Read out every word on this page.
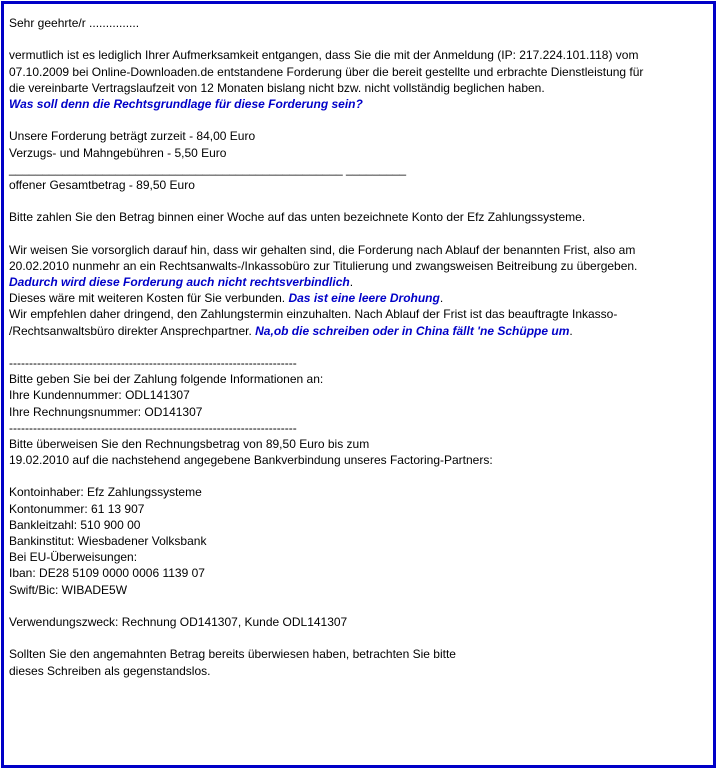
Sehr geehrte/r ...............
vermutlich ist es lediglich Ihrer Aufmerksamkeit entgangen, dass Sie die mit der Anmeldung (IP: 217.224.101.118) vom
07.10.2009 bei Online-Downloaden.de entstandene Forderung über die bereit gestellte und erbrachte Dienstleistung für
die vereinbarte Vertragslaufzeit von 12 Monaten bislang nicht bzw. nicht vollständig beglichen haben.
Was soll denn die Rechtsgrundlage für diese Forderung sein?
Unsere Forderung beträgt zurzeit - 84,00 Euro
Verzugs- und Mahngebühren - 5,50 Euro
__________________________________________________ _________
offener Gesamtbetrag - 89,50 Euro
Bitte zahlen Sie den Betrag binnen einer Woche auf das unten bezeichnete Konto der Efz Zahlungssysteme.
Wir weisen Sie vorsorglich darauf hin, dass wir gehalten sind, die Forderung nach Ablauf der benannten Frist, also am
20.02.2010 nunmehr an ein Rechtsanwalts-/Inkassobüro zur Titulierung und zwangsweisen Beitreibung zu übergeben.
Dadurch wird diese Forderung auch nicht rechtsverbindlich.
Dieses wäre mit weiteren Kosten für Sie verbunden. Das ist eine leere Drohung.
Wir empfehlen daher dringend, den Zahlungstermin einzuhalten. Nach Ablauf der Frist ist das beauftragte Inkasso-
/Rechtsanwaltsbüro direkter Ansprechpartner. Na,ob die schreiben oder in China fällt 'ne Schüppe um.
------------------------------------------------------------------------
Bitte geben Sie bei der Zahlung folgende Informationen an:
Ihre Kundennummer: ODL141307
Ihre Rechnungsnummer: OD141307
------------------------------------------------------------------------
Bitte überweisen Sie den Rechnungsbetrag von 89,50 Euro bis zum
19.02.2010 auf die nachstehend angegebene Bankverbindung unseres Factoring-Partners:
Kontoinhaber: Efz Zahlungssysteme
Kontonummer: 61 13 907
Bankleitzahl: 510 900 00
Bankinstitut: Wiesbadener Volksbank
Bei EU-Überweisungen:
Iban: DE28 5109 0000 0006 1139 07
Swift/Bic: WIBADE5W
Verwendungszweck: Rechnung OD141307, Kunde ODL141307
Sollten Sie den angemahnten Betrag bereits überwiesen haben, betrachten Sie bitte
dieses Schreiben als gegenstandslos.
